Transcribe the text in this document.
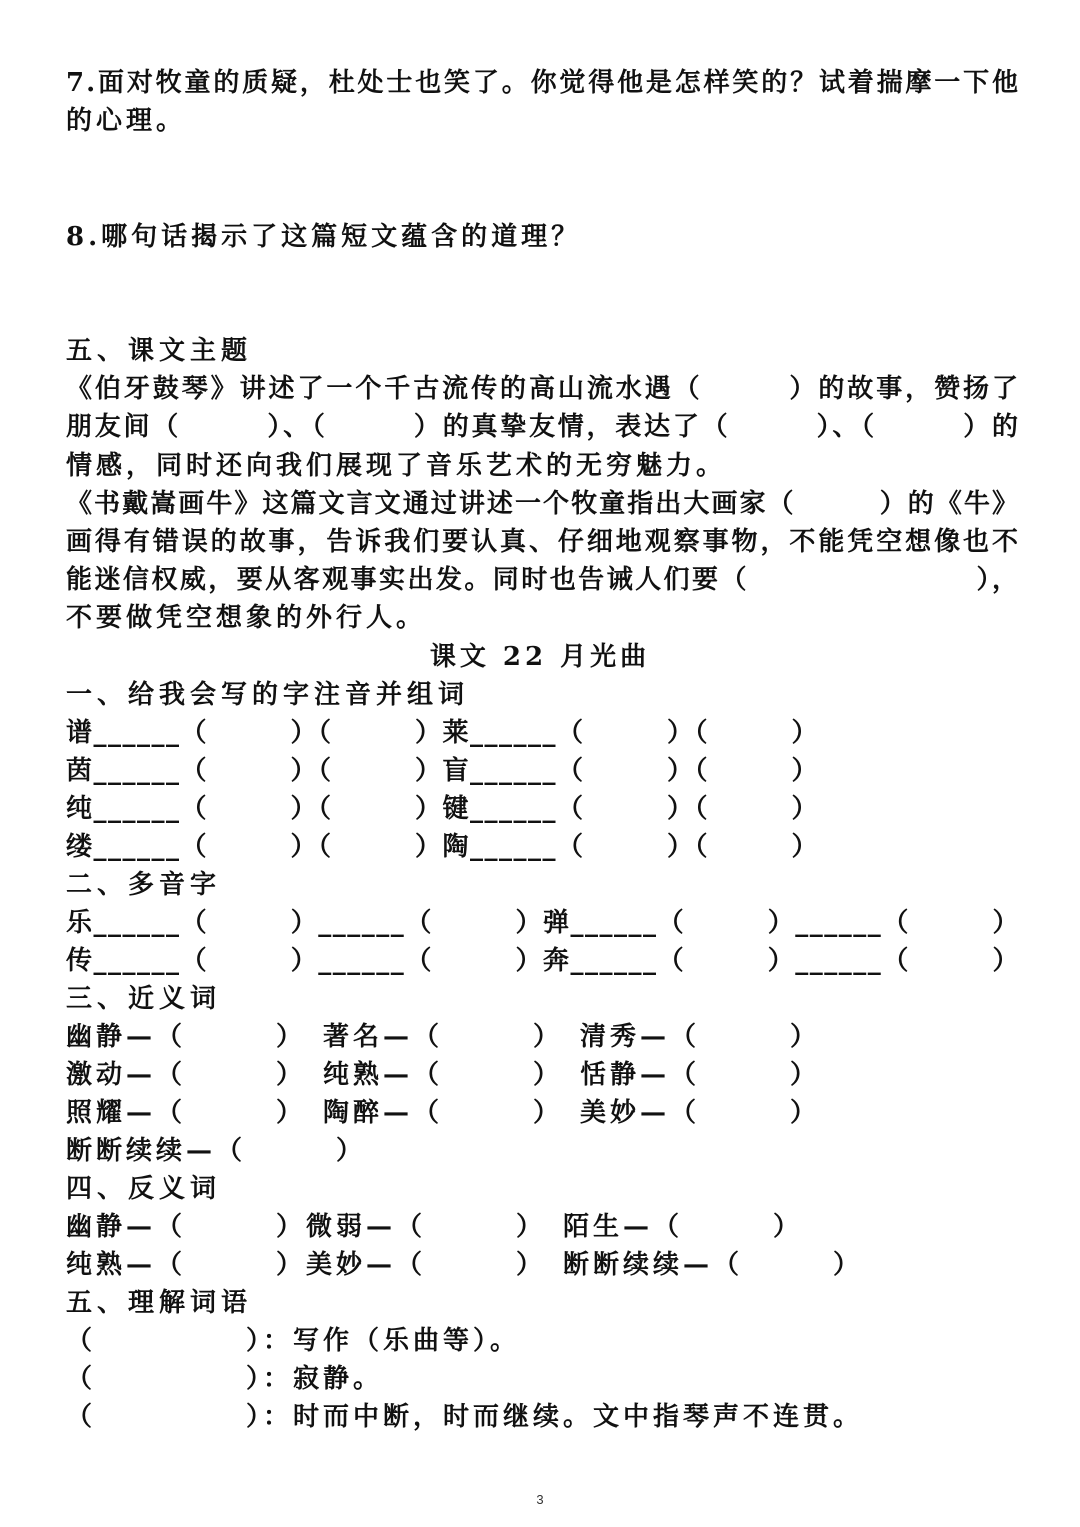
7.面对牧童的质疑，杜处士也笑了。你觉得他是怎样笑的？试着揣摩一下他
的心理。
8.哪句话揭示了这篇短文蕴含的道理？
五、课文主题
《伯牙鼓琴》讲述了一个千古流传的高山流水遇（　　　）的故事，赞扬了
朋友间（　　　）、（　　　）的真挚友情，表达了（　　　）、（　　　）的
情感，同时还向我们展现了音乐艺术的无穷魅力。
《书戴嵩画牛》这篇文言文通过讲述一个牧童指出大画家（　　　）的《牛》
画得有错误的故事，告诉我们要认真、仔细地观察事物，不能凭空想像也不
能迷信权威，要从客观事实出发。同时也告诫人们要（　　　　　　　　），
不要做凭空想象的外行人。
课文 22 月光曲
一、给我会写的字注音并组词
谱______（　　　）（　　　）莱______（　　　）（　　　）
茵______（　　　）（　　　）盲______（　　　）（　　　）
纯______（　　　）（　　　）键______（　　　）（　　　）
缕______（　　　）（　　　）陶______（　　　）（　　　）
二、多音字
乐______（　　　）______（　　　）弹______（　　　）______（　　　）
传______（　　　）______（　　　）奔______（　　　）______（　　　）
三、近义词
幽静—（　　　）　著名—（　　　）　清秀—（　　　）
激动—（　　　）　纯熟—（　　　）　恬静—（　　　）
照耀—（　　　）　陶醉—（　　　）　美妙—（　　　）
断断续续—（　　　）
四、反义词
幽静—（　　　）微弱—（　　　）　陌生—（　　　）
纯熟—（　　　）美妙—（　　　）　断断续续—（　　　）
五、理解词语
（　　　　　）：写作（乐曲等）。
（　　　　　）：寂静。
（　　　　　）：时而中断，时而继续。文中指琴声不连贯。
3
